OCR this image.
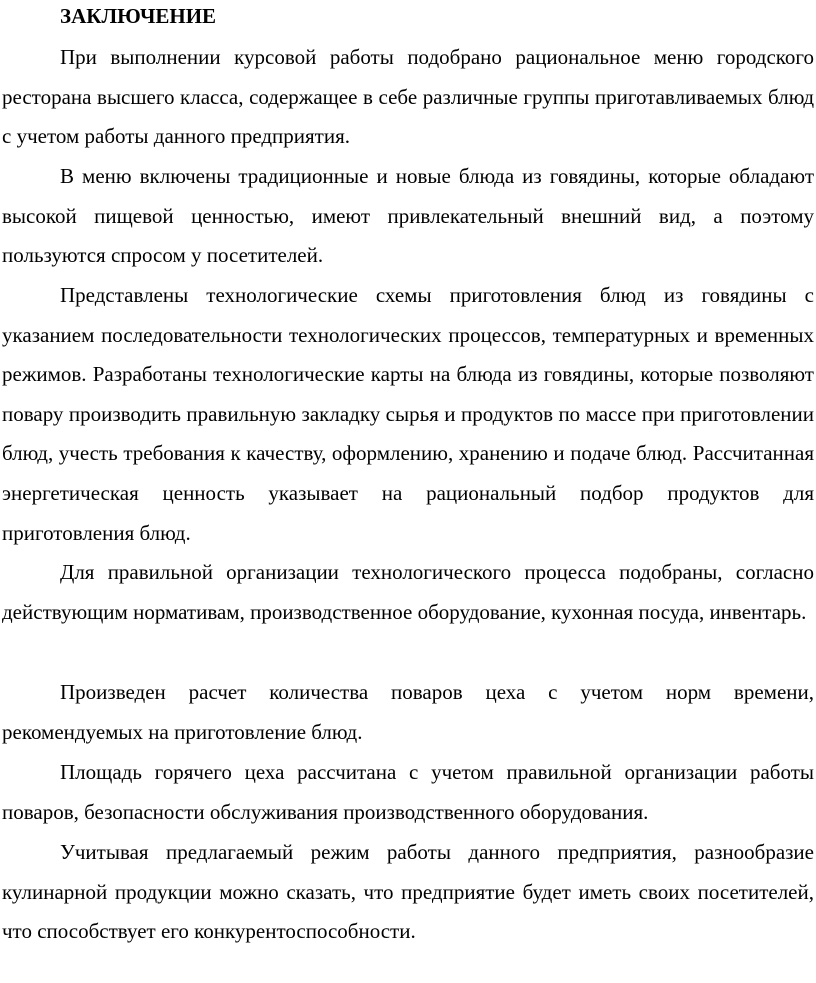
ЗАКЛЮЧЕНИЕ

При выполнении курсовой работы подобрано рациональное меню городского ресторана высшего класса, содержащее в себе различные группы приготавливаемых блюд с учетом работы данного предприятия.

В меню включены традиционные и новые блюда из говядины, которые обладают высокой пищевой ценностью, имеют привлекательный внешний вид, а поэтому пользуются спросом у посетителей.

Представлены технологические схемы приготовления блюд из говядины с указанием последовательности технологических процессов, температурных и временных режимов. Разработаны технологические карты на блюда из говядины, которые позволяют повару производить правильную закладку сырья и продуктов по массе при приготовлении блюд, учесть требования к качеству, оформлению, хранению и подаче блюд. Рассчитанная энергетическая ценность указывает на рациональный подбор продуктов для приготовления блюд.

Для правильной организации технологического процесса подобраны, согласно действующим нормативам, производственное оборудование, кухонная посуда, инвентарь.

Произведен расчет количества поваров цеха с учетом норм времени, рекомендуемых на приготовление блюд.

Площадь горячего цеха рассчитана с учетом правильной организации работы поваров, безопасности обслуживания производственного оборудования.

Учитывая предлагаемый режим работы данного предприятия, разнообразие кулинарной продукции можно сказать, что предприятие будет иметь своих посетителей, что способствует его конкурентоспособности.
